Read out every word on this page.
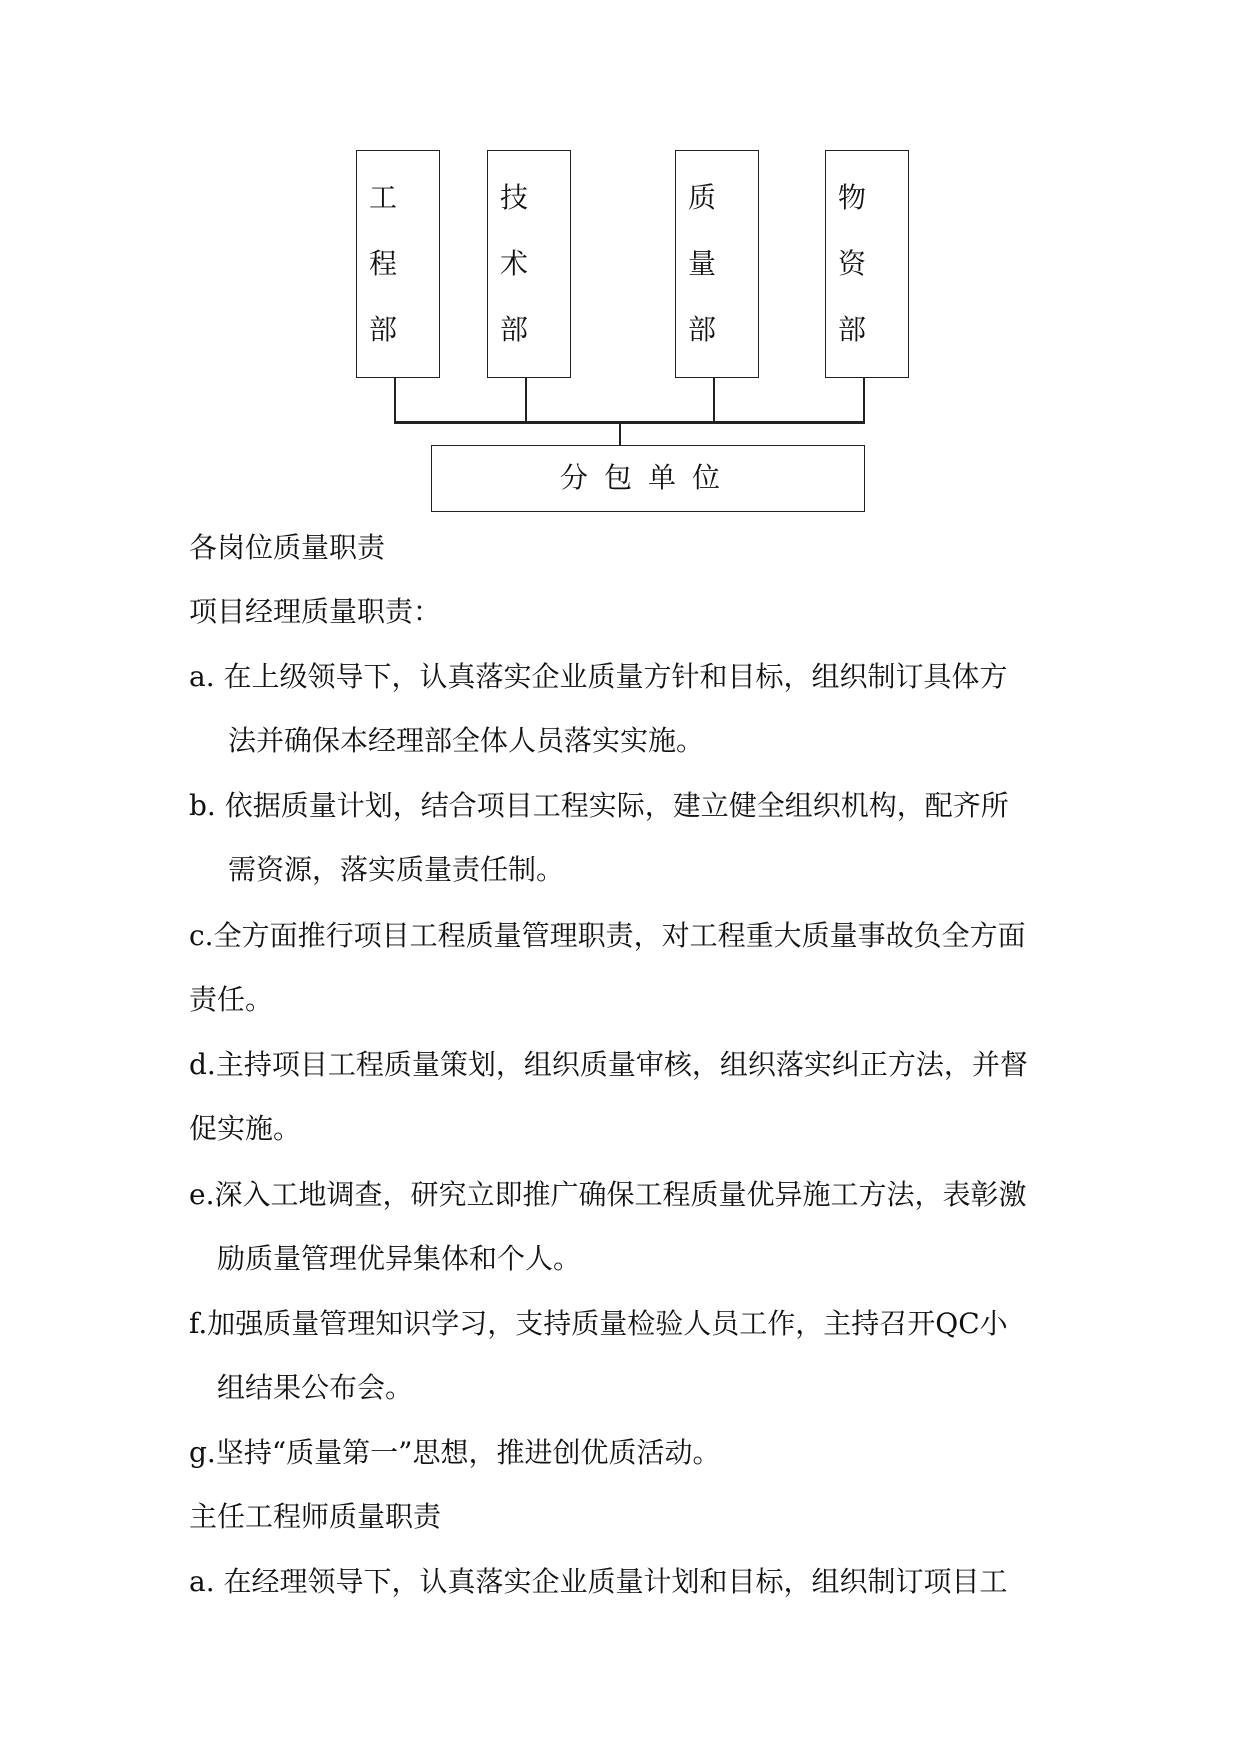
工
程
部
技
术
部
质
量
部
物
资
部
分包单位
各岗位质量职责
项目经理质量职责：
a. 在上级领导下，认真落实企业质量方针和目标，组织制订具体方
法并确保本经理部全体人员落实实施。
b. 依据质量计划，结合项目工程实际，建立健全组织机构，配齐所
需资源，落实质量责任制。
c.全方面推行项目工程质量管理职责，对工程重大质量事故负全方面
责任。
d.主持项目工程质量策划，组织质量审核，组织落实纠正方法，并督
促实施。
e.深入工地调查，研究立即推广确保工程质量优异施工方法，表彰激
励质量管理优异集体和个人。
f.加强质量管理知识学习，支持质量检验人员工作，主持召开QC小
组结果公布会。
g.坚持“质量第一”思想，推进创优质活动。
主任工程师质量职责
a. 在经理领导下，认真落实企业质量计划和目标，组织制订项目工
